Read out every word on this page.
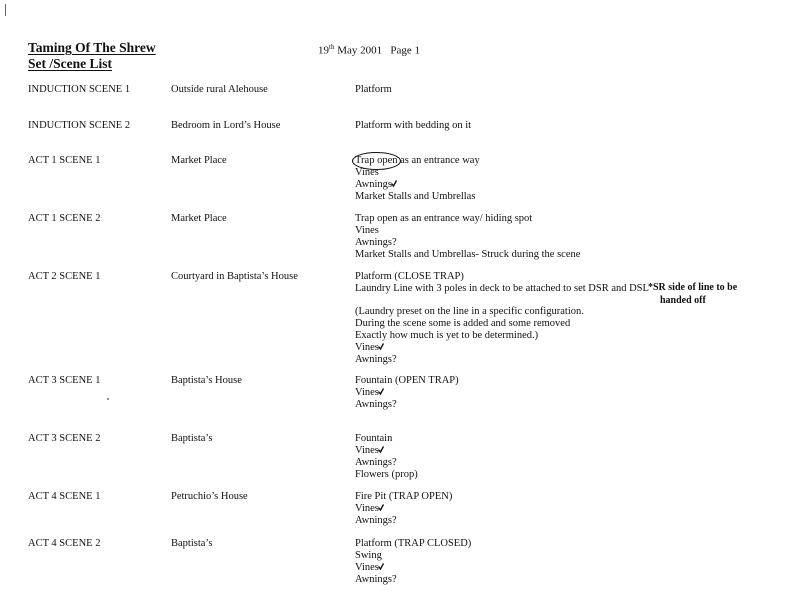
Taming Of The Shrew
Set /Scene List
19th May 2001 Page 1
INDUCTION SCENE 1	Outside rural Alehouse	Platform
INDUCTION SCENE 2	Bedroom in Lord’s House	Platform with bedding on it
ACT 1 SCENE 1	Market Place	Trap open as an entrance way
Vines
Awnings
Market Stalls and Umbrellas
ACT 1 SCENE 2	Market Place	Trap open as an entrance way/ hiding spot
Vines
Awnings?
Market Stalls and Umbrellas- Struck during the scene
ACT 2 SCENE 1	Courtyard in Baptista’s House	Platform (CLOSE TRAP)
Laundry Line with 3 poles in deck to be attached to set DSR and DSL
(Laundry preset on the line in a specific configuration.
During the scene some is added and some removed
Exactly how much is yet to be determined.)
Vines
Awnings?
*SR side of line to be
handed off
ACT 3 SCENE 1	Baptista’s House	Fountain (OPEN TRAP)
Vines
Awnings?
ACT 3 SCENE 2	Baptista’s	Fountain
Vines
Awnings?
Flowers (prop)
ACT 4 SCENE 1	Petruchio’s House	Fire Pit (TRAP OPEN)
Vines
Awnings?
ACT 4 SCENE 2	Baptista’s	Platform (TRAP CLOSED)
Swing
Vines
Awnings?
